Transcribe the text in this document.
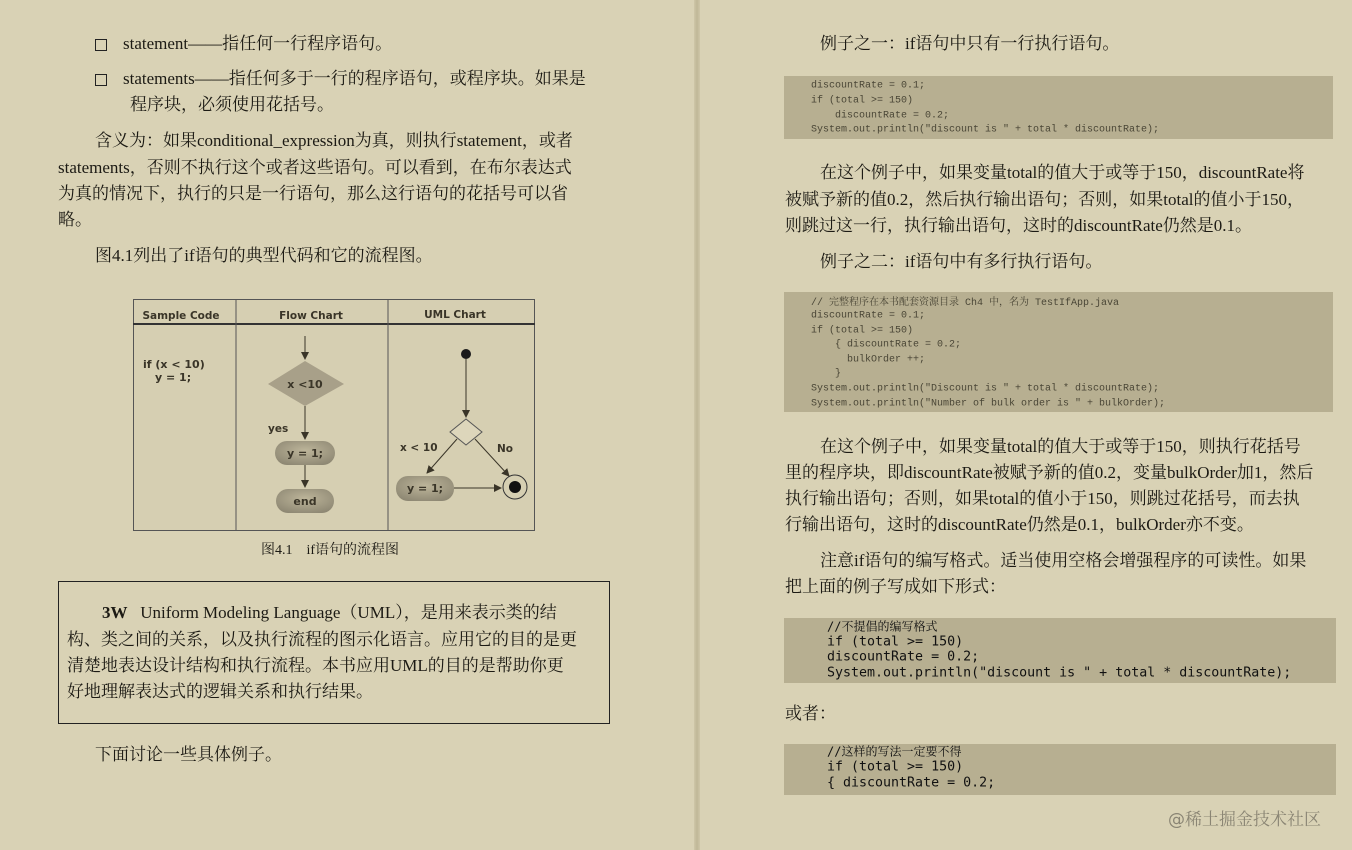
statement——指任何一行程序语句。
statements——指任何多于一行的程序语句，或程序块。如果是
程序块，必须使用花括号。
含义为：如果conditional_expression为真，则执行statement，或者
statements，否则不执行这个或者这些语句。可以看到，在布尔表达式
为真的情况下，执行的只是一行语句，那么这行语句的花括号可以省
略。
图4.1列出了if语句的典型代码和它的流程图。
Sample Code	Flow Chart	UML Chart
if (x < 10)
y = 1;
x <10
yes
y = 1;
end
x < 10	No
y = 1;
图4.1　if语句的流程图
3W Uniform Modeling Language（UML），是用来表示类的结
构、类之间的关系，以及执行流程的图示化语言。应用它的目的是更
清楚地表达设计结构和执行流程。本书应用UML的目的是帮助你更
好地理解表达式的逻辑关系和执行结果。
下面讨论一些具体例子。
例子之一：if语句中只有一行执行语句。
discountRate = 0.1;
if (total >= 150)
discountRate = 0.2;
System.out.println("discount is " + total * discountRate);
在这个例子中，如果变量total的值大于或等于150，discountRate将
被赋予新的值0.2，然后执行输出语句；否则，如果total的值小于150，
则跳过这一行，执行输出语句，这时的discountRate仍然是0.1。
例子之二：if语句中有多行执行语句。
// 完整程序在本书配套资源目录 Ch4 中，名为 TestIfApp.java
discountRate = 0.1;
if (total >= 150)
{ discountRate = 0.2;
bulkOrder ++;
}
System.out.println("Discount is " + total * discountRate);
System.out.println("Number of bulk order is " + bulkOrder);
在这个例子中，如果变量total的值大于或等于150，则执行花括号
里的程序块，即discountRate被赋予新的值0.2，变量bulkOrder加1，然后
执行输出语句；否则，如果total的值小于150，则跳过花括号，而去执
行输出语句，这时的discountRate仍然是0.1，bulkOrder亦不变。
注意if语句的编写格式。适当使用空格会增强程序的可读性。如果
把上面的例子写成如下形式：
//不提倡的编写格式
if (total >= 150)
discountRate = 0.2;
System.out.println("discount is " + total * discountRate);
或者：
//这样的写法一定要不得
if (total >= 150)
{ discountRate = 0.2;
@稀土掘金技术社区
